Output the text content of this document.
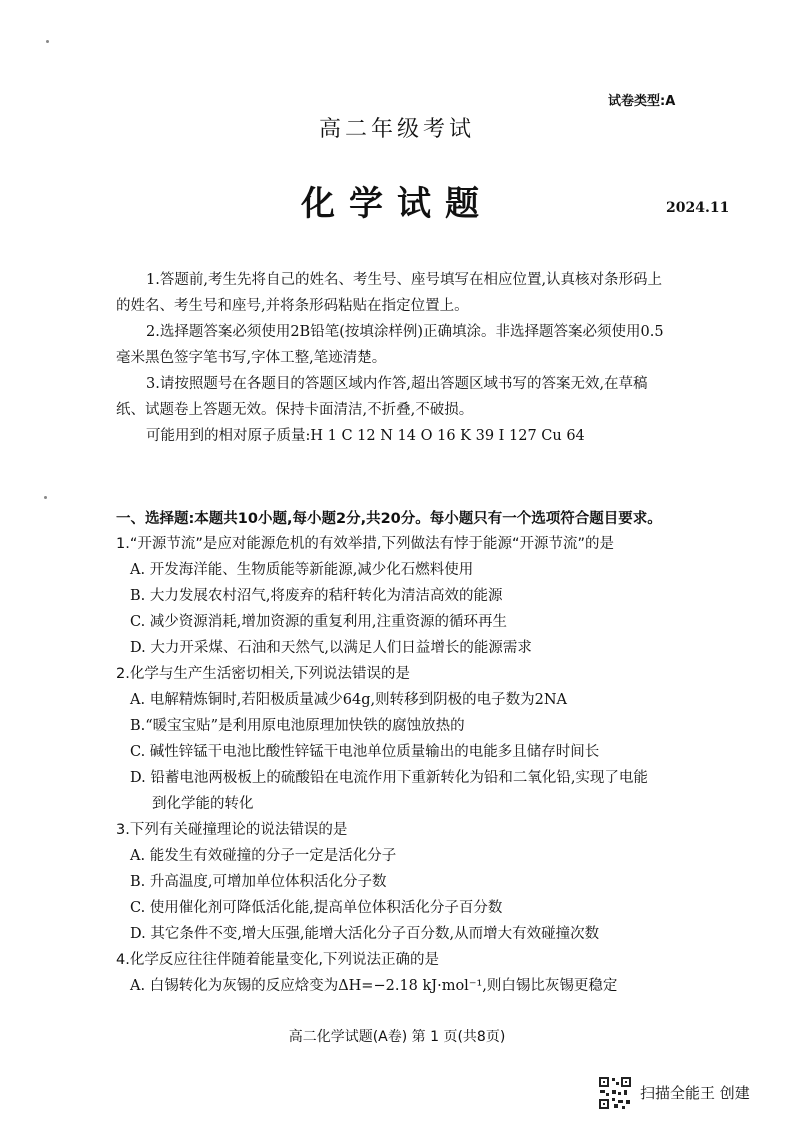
试卷类型:A
高二年级考试
化学试题	2024.11
1.答题前,考生先将自己的姓名、考生号、座号填写在相应位置,认真核对条形码上
的姓名、考生号和座号,并将条形码粘贴在指定位置上。
2.选择题答案必须使用2B铅笔(按填涂样例)正确填涂。非选择题答案必须使用0.5
毫米黑色签字笔书写,字体工整,笔迹清楚。
3.请按照题号在各题目的答题区域内作答,超出答题区域书写的答案无效,在草稿
纸、试题卷上答题无效。保持卡面清洁,不折叠,不破损。
可能用到的相对原子质量:H 1 C 12 N 14 O 16 K 39 I 127 Cu 64
一、选择题:本题共10小题,每小题2分,共20分。每小题只有一个选项符合题目要求。
1.“开源节流”是应对能源危机的有效举措,下列做法有悖于能源“开源节流”的是
A. 开发海洋能、生物质能等新能源,减少化石燃料使用
B. 大力发展农村沼气,将废弃的秸秆转化为清洁高效的能源
C. 减少资源消耗,增加资源的重复利用,注重资源的循环再生
D. 大力开采煤、石油和天然气,以满足人们日益增长的能源需求
2.化学与生产生活密切相关,下列说法错误的是
A. 电解精炼铜时,若阳极质量减少64g,则转移到阴极的电子数为2NA
B.“暖宝宝贴”是利用原电池原理加快铁的腐蚀放热的
C. 碱性锌锰干电池比酸性锌锰干电池单位质量输出的电能多且储存时间长
D. 铅蓄电池两极板上的硫酸铅在电流作用下重新转化为铅和二氧化铅,实现了电能
到化学能的转化
3.下列有关碰撞理论的说法错误的是
A. 能发生有效碰撞的分子一定是活化分子
B. 升高温度,可增加单位体积活化分子数
C. 使用催化剂可降低活化能,提高单位体积活化分子百分数
D. 其它条件不变,增大压强,能增大活化分子百分数,从而增大有效碰撞次数
4.化学反应往往伴随着能量变化,下列说法正确的是
A. 白锡转化为灰锡的反应焓变为ΔH=−2.18 kJ·mol⁻¹,则白锡比灰锡更稳定
高二化学试题(A卷) 第 1 页(共8页)
扫描全能王 创建
